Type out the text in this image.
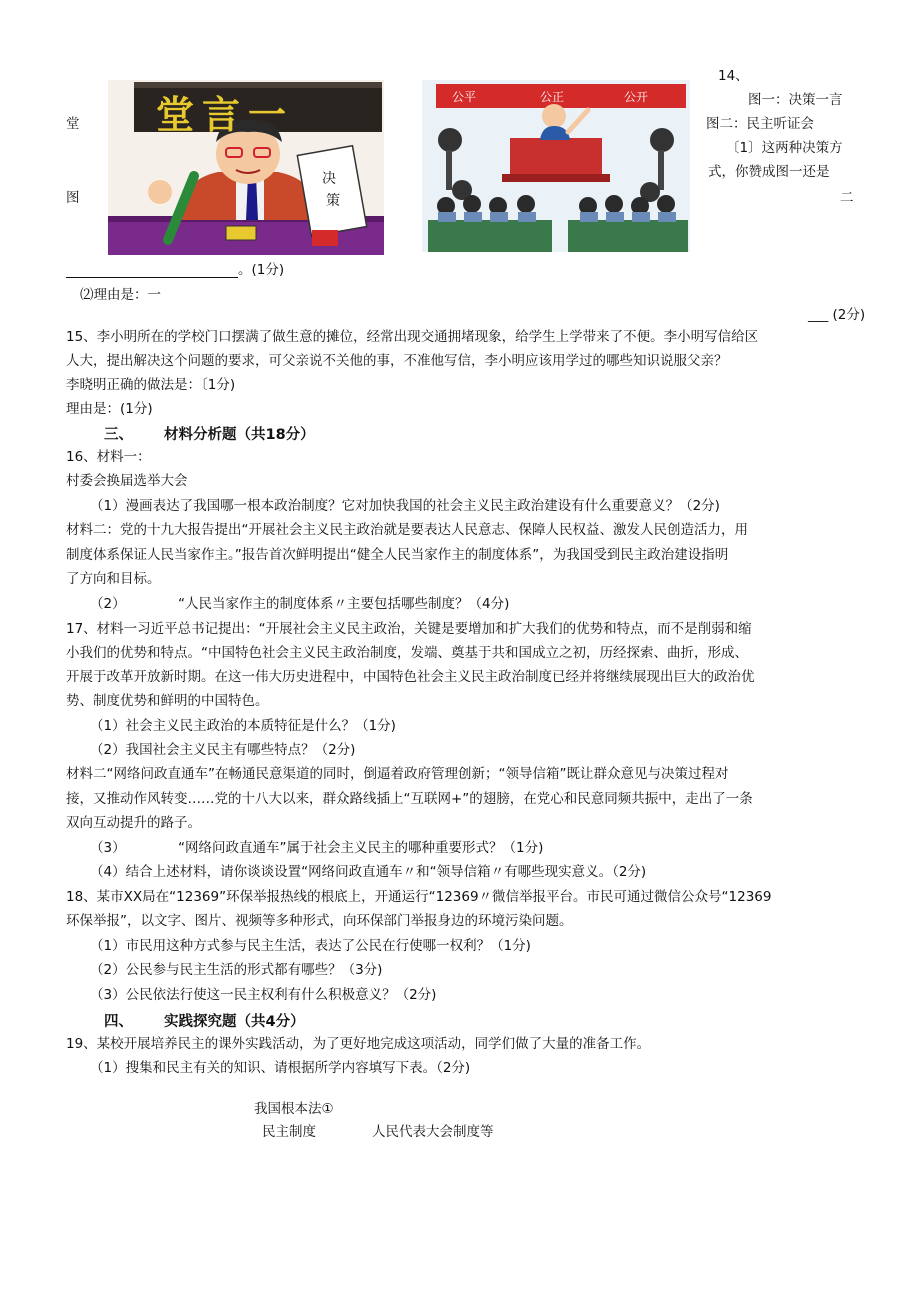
14、
图一：决策一言
图二：民主听证会
〔1〕这两种决策方
式，你赞成图一还是
二
堂
图
堂言一
决
策
公平	公正	公开
。(1分)
⑵理由是：一
___ (2分)
15、李小明所在的学校门口摆满了做生意的摊位，经常出现交通拥堵现象，给学生上学带来了不便。李小明写信给区
人大，提出解决这个问题的要求，可父亲说不关他的事，不准他写信，李小明应该用学过的哪些知识说服父亲？
李晓明正确的做法是：〔1分)
理由是：(1分)
三、 材料分析题（共18分）
16、材料一：
村委会换届选举大会
（1）漫画表达了我国哪一根本政治制度？它对加快我国的社会主义民主政治建设有什么重要意义？（2分)
材料二：党的十九大报告提出“开展社会主义民主政治就是要表达人民意志、保障人民权益、激发人民创造活力，用
制度体系保证人民当家作主。”报告首次鲜明提出“健全人民当家作主的制度体系”，为我国受到民主政治建设指明
了方向和目标。
（2）	“人民当家作主的制度体系〃主要包括哪些制度？（4分)
17、材料一习近平总书记提出：“开展社会主义民主政治，关键是要增加和扩大我们的优势和特点，而不是削弱和缩
小我们的优势和特点。“中国特色社会主义民主政治制度，发端、奠基于共和国成立之初，历经探索、曲折，形成、
开展于改革开放新时期。在这一伟大历史进程中，中国特色社会主义民主政治制度已经并将继续展现出巨大的政治优
势、制度优势和鲜明的中国特色。
（1）社会主义民主政治的本质特征是什么？（1分)
（2）我国社会主义民主有哪些特点？（2分)
材料二“网络问政直通车”在畅通民意渠道的同时，倒逼着政府管理创新；“领导信箱”既让群众意见与决策过程对
接，又推动作风转变……党的十八大以来，群众路线插上“互联网+”的翅膀，在党心和民意同频共振中，走出了一条
双向互动提升的路子。
（3）	“网络问政直通车”属于社会主义民主的哪种重要形式？（1分)
（4）结合上述材料，请你谈谈设置“网络问政直通车〃和“领导信箱〃有哪些现实意义。（2分)
18、某市XX局在“12369”环保举报热线的根底上，开通运行“12369〃微信举报平台。市民可通过微信公众号“12369
环保举报”，以文字、图片、视频等多种形式，向环保部门举报身边的环境污染问题。
（1）市民用这种方式参与民主生活，表达了公民在行使哪一权利？（1分)
（2）公民参与民主生活的形式都有哪些？（3分)
（3）公民依法行使这一民主权利有什么积极意义？（2分)
四、 实践探究题（共4分）
19、某校开展培养民主的课外实践活动，为了更好地完成这项活动，同学们做了大量的准备工作。
（1）搜集和民主有关的知识、请根据所学内容填写下表。（2分)
我国根本法①
民主制度	人民代表大会制度等
